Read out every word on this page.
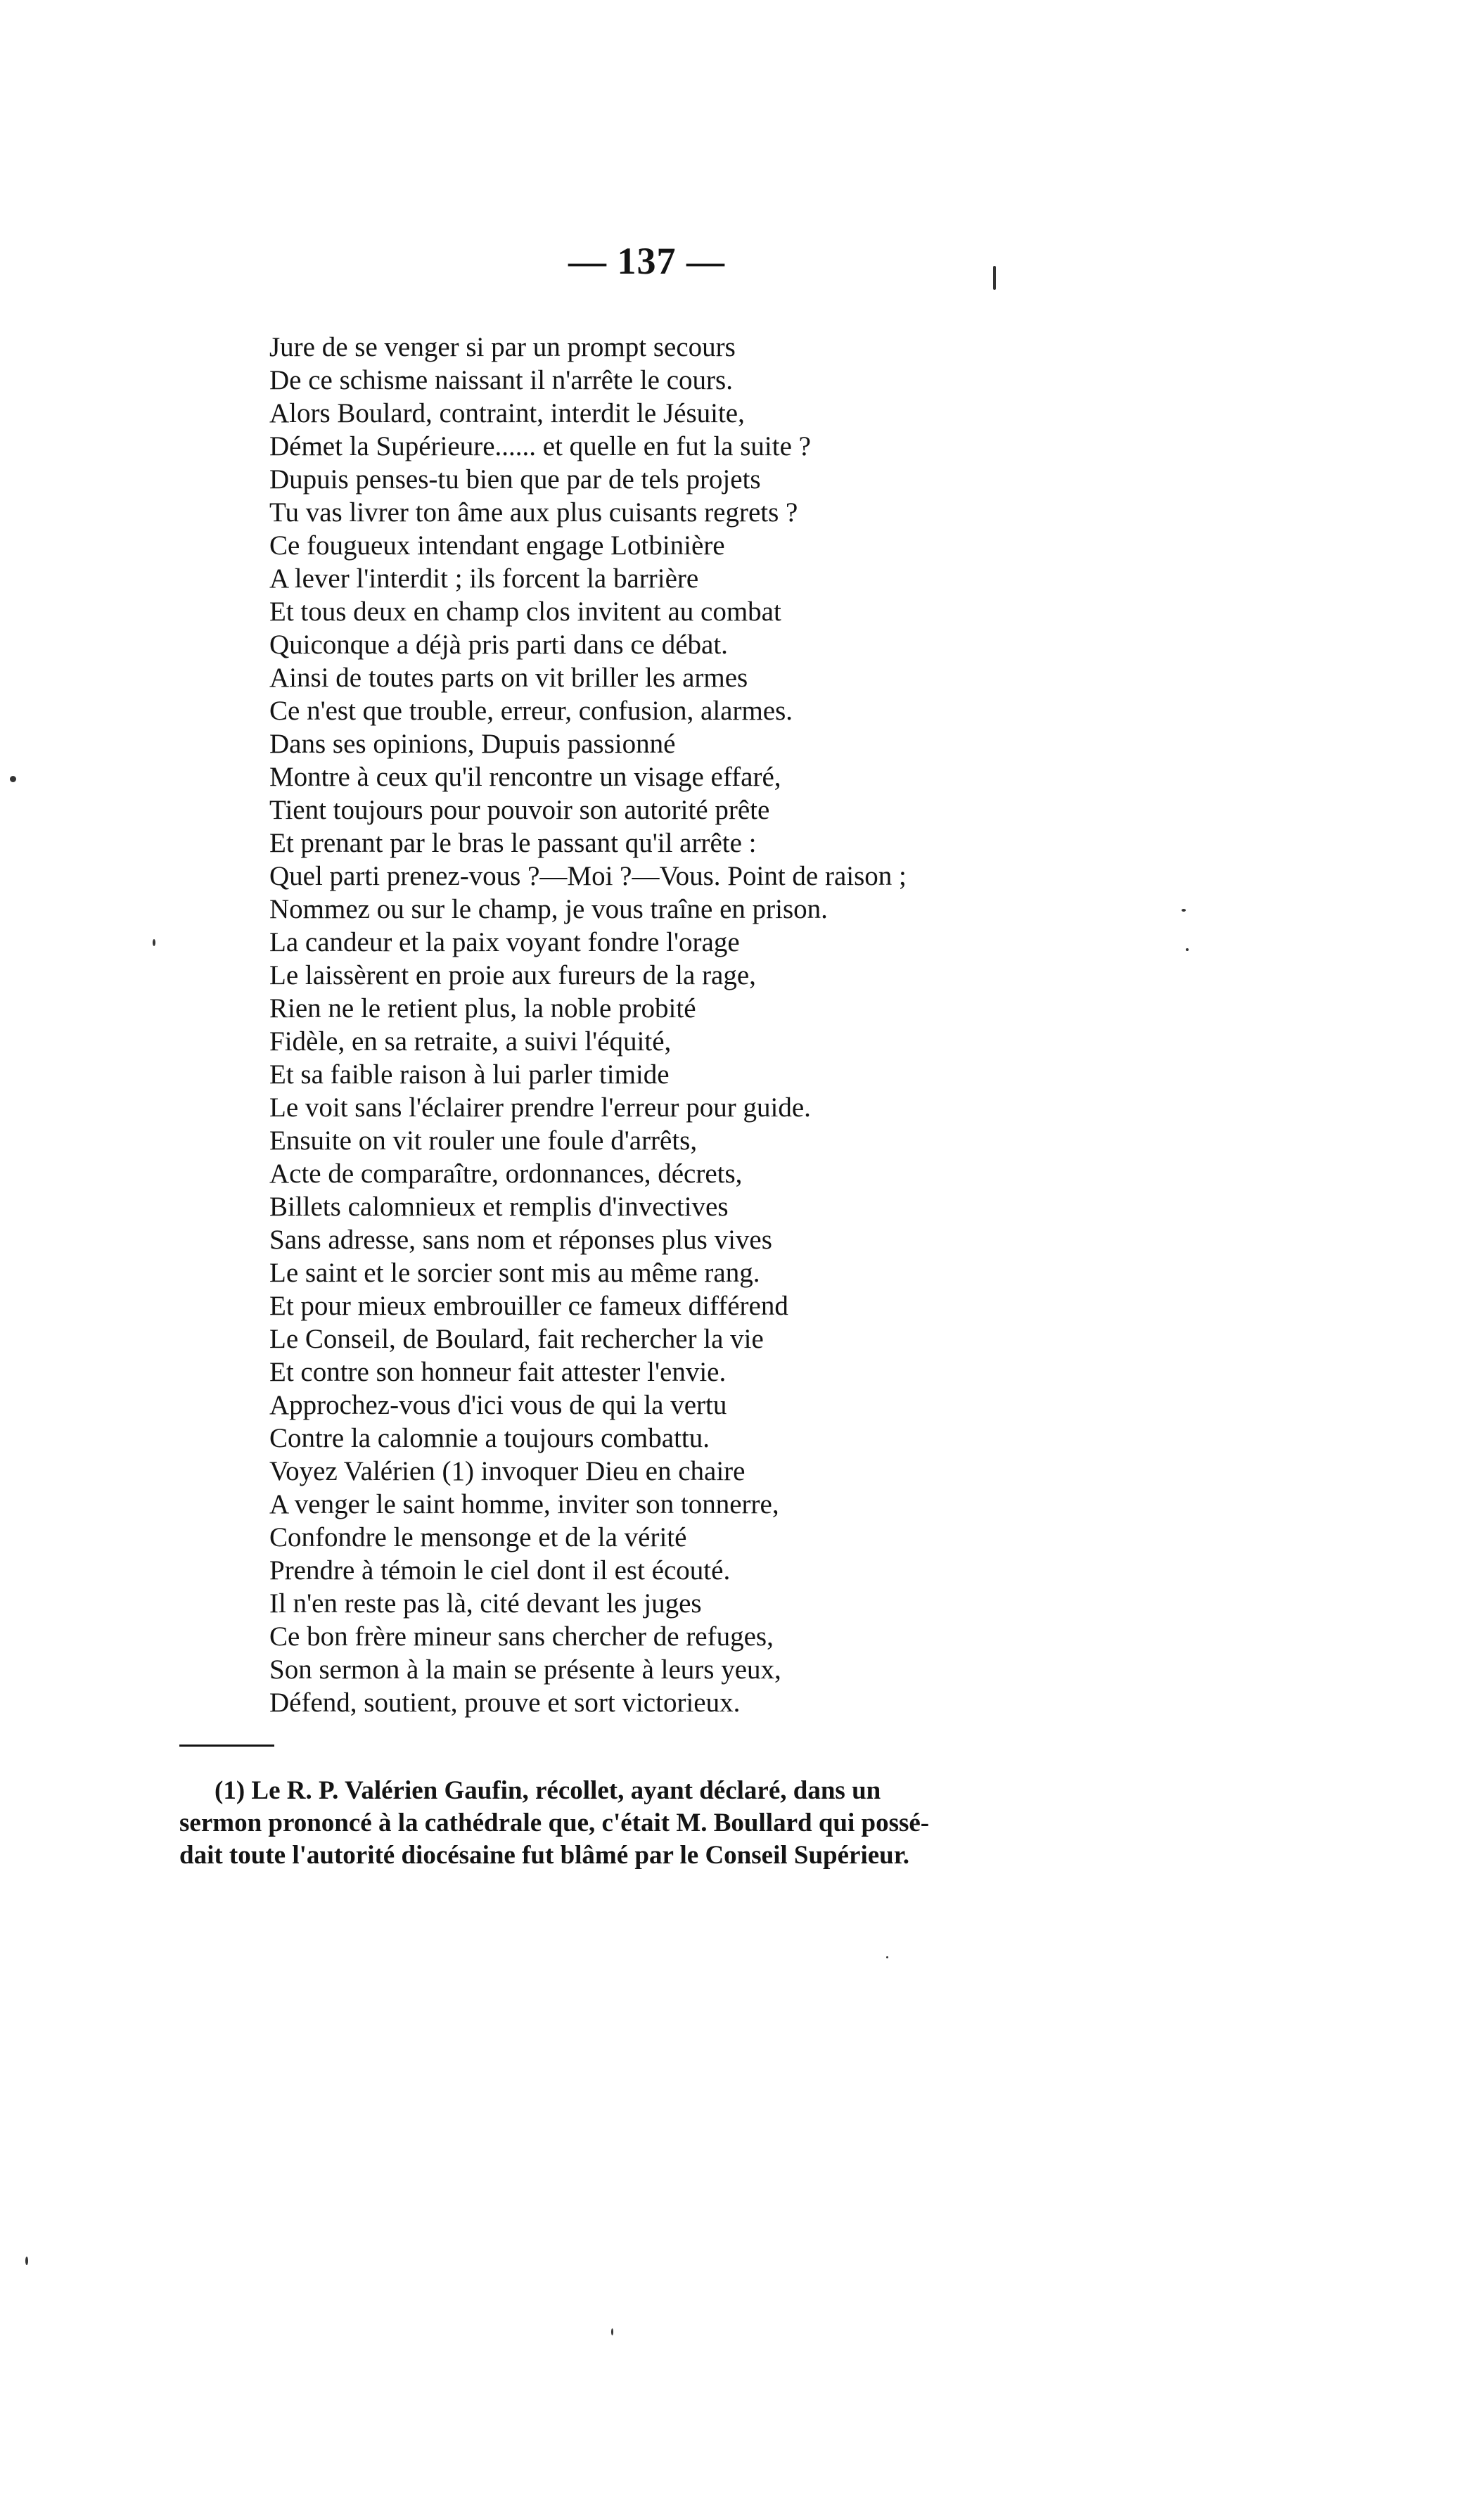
— 137 —
Jure de se venger si par un prompt secours
De ce schisme naissant il n'arrête le cours.
Alors Boulard, contraint, interdit le Jésuite,
Démet la Supérieure...... et quelle en fut la suite ?
Dupuis penses-tu bien que par de tels projets
Tu vas livrer ton âme aux plus cuisants regrets ?
Ce fougueux intendant engage Lotbinière
A lever l'interdit ; ils forcent la barrière
Et tous deux en champ clos invitent au combat
Quiconque a déjà pris parti dans ce débat.
Ainsi de toutes parts on vit briller les armes
Ce n'est que trouble, erreur, confusion, alarmes.
Dans ses opinions, Dupuis passionné
Montre à ceux qu'il rencontre un visage effaré,
Tient toujours pour pouvoir son autorité prête
Et prenant par le bras le passant qu'il arrête :
Quel parti prenez-vous ?—Moi ?—Vous. Point de raison ;
Nommez ou sur le champ, je vous traîne en prison.
La candeur et la paix voyant fondre l'orage
Le laissèrent en proie aux fureurs de la rage,
Rien ne le retient plus, la noble probité
Fidèle, en sa retraite, a suivi l'équité,
Et sa faible raison à lui parler timide
Le voit sans l'éclairer prendre l'erreur pour guide.
Ensuite on vit rouler une foule d'arrêts,
Acte de comparaître, ordonnances, décrets,
Billets calomnieux et remplis d'invectives
Sans adresse, sans nom et réponses plus vives
Le saint et le sorcier sont mis au même rang.
Et pour mieux embrouiller ce fameux différend
Le Conseil, de Boulard, fait rechercher la vie
Et contre son honneur fait attester l'envie.
Approchez-vous d'ici vous de qui la vertu
Contre la calomnie a toujours combattu.
Voyez Valérien (1) invoquer Dieu en chaire
A venger le saint homme, inviter son tonnerre,
Confondre le mensonge et de la vérité
Prendre à témoin le ciel dont il est écouté.
Il n'en reste pas là, cité devant les juges
Ce bon frère mineur sans chercher de refuges,
Son sermon à la main se présente à leurs yeux,
Défend, soutient, prouve et sort victorieux.
(1) Le R. P. Valérien Gaufin, récollet, ayant déclaré, dans un
sermon prononcé à la cathédrale que, c'était M. Boullard qui possé-
dait toute l'autorité diocésaine fut blâmé par le Conseil Supérieur.
